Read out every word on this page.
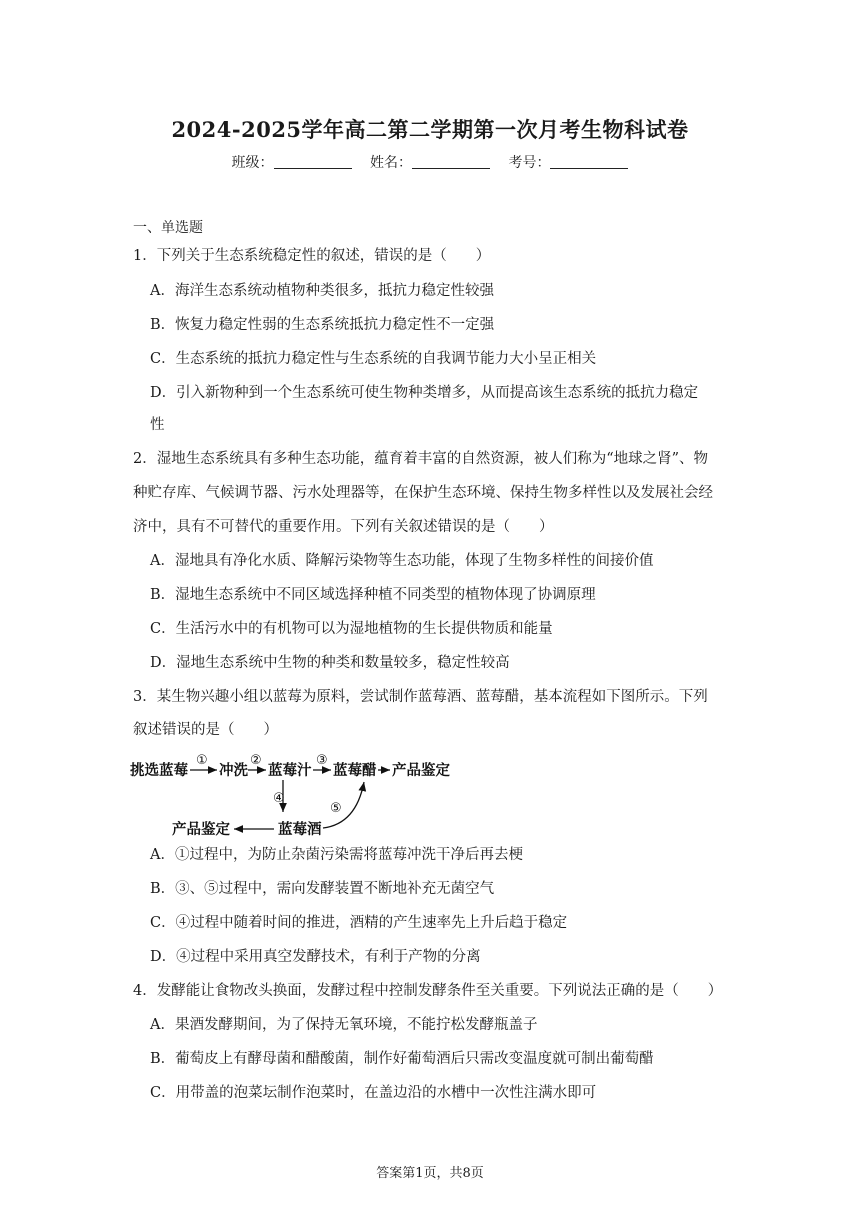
2024-2025学年高二第二学期第一次月考生物科试卷
班级：	姓名：	考号：
一、单选题
1．下列关于生态系统稳定性的叙述，错误的是（　　）
A．海洋生态系统动植物种类很多，抵抗力稳定性较强
B．恢复力稳定性弱的生态系统抵抗力稳定性不一定强
C．生态系统的抵抗力稳定性与生态系统的自我调节能力大小呈正相关
D．引入新物种到一个生态系统可使生物种类增多，从而提高该生态系统的抵抗力稳定
性
2．湿地生态系统具有多种生态功能，蕴育着丰富的自然资源，被人们称为“地球之肾”、物
种贮存库、气候调节器、污水处理器等，在保护生态环境、保持生物多样性以及发展社会经
济中，具有不可替代的重要作用。下列有关叙述错误的是（　　）
A．湿地具有净化水质、降解污染物等生态功能，体现了生物多样性的间接价值
B．湿地生态系统中不同区域选择种植不同类型的植物体现了协调原理
C．生活污水中的有机物可以为湿地植物的生长提供物质和能量
D．湿地生态系统中生物的种类和数量较多，稳定性较高
3．某生物兴趣小组以蓝莓为原料，尝试制作蓝莓酒、蓝莓醋，基本流程如下图所示。下列
叙述错误的是（　　）
挑选蓝莓
①
冲洗
②
蓝莓汁
③
蓝莓醋 产品鉴定
④
⑤
产品鉴定	蓝莓酒
A．①过程中，为防止杂菌污染需将蓝莓冲洗干净后再去梗
B．③、⑤过程中，需向发酵装置不断地补充无菌空气
C．④过程中随着时间的推进，酒精的产生速率先上升后趋于稳定
D．④过程中采用真空发酵技术，有利于产物的分离
4．发酵能让食物改头换面，发酵过程中控制发酵条件至关重要。下列说法正确的是（　　）
A．果酒发酵期间，为了保持无氧环境，不能拧松发酵瓶盖子
B．葡萄皮上有酵母菌和醋酸菌，制作好葡萄酒后只需改变温度就可制出葡萄醋
C．用带盖的泡菜坛制作泡菜时，在盖边沿的水槽中一次性注满水即可
答案第1页，共8页
